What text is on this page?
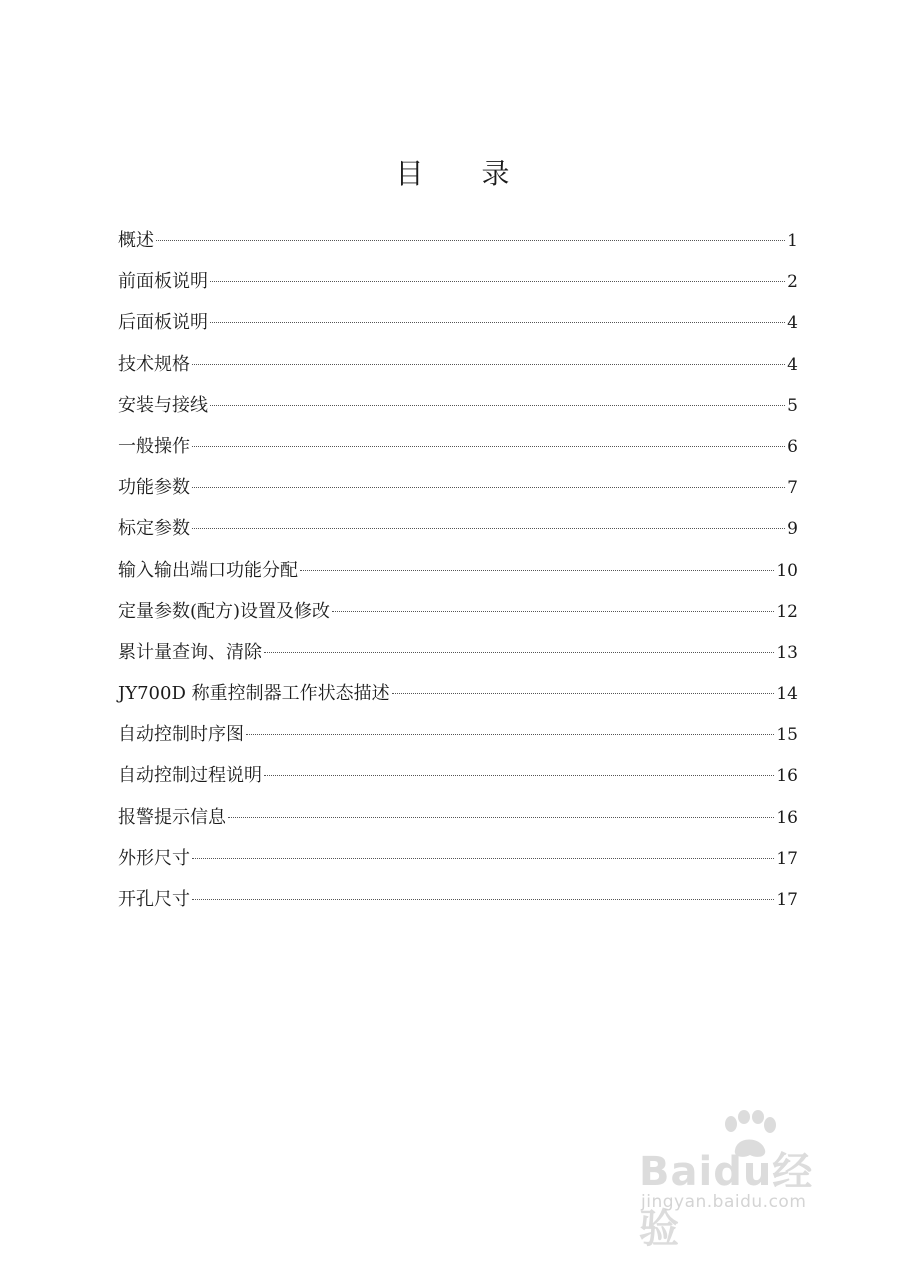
目 录
概述	1
前面板说明	2
后面板说明	4
技术规格	4
安装与接线	5
一般操作	6
功能参数	7
标定参数	9
输入输出端口功能分配	10
定量参数(配方)设置及修改	12
累计量查询、清除	13
JY700D 称重控制器工作状态描述	14
自动控制时序图	15
自动控制过程说明	16
报警提示信息	16
外形尺寸	17
开孔尺寸	17
Baidu经验
jingyan.baidu.com
